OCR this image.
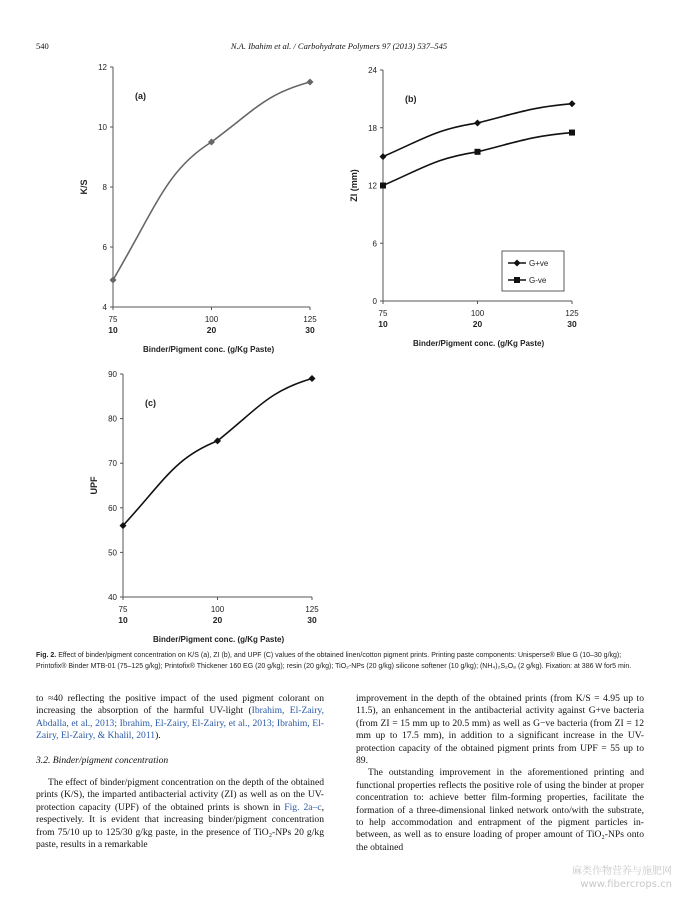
540	N.A. Ibahim et al. / Carbohydrate Polymers 97 (2013) 537–545
4
6
8
10
12
75
10
100
20
125
30
Binder/Pigment conc. (g/Kg Paste)
K/S
(a)
0
6
12
18
24
75
10
100
20
125
30
Binder/Pigment conc. (g/Kg Paste)
ZI (mm)
(b)
G+ve
G-ve
40
50
60
70
80
90
75
10
100
20
125
30
Binder/Pigment conc. (g/Kg Paste)
UPF
(c)
Fig. 2. Effect of binder/pigment concentration on K/S (a), ZI (b), and UPF (C) values of the obtained linen/cotton pigment prints. Printing paste components: Unisperse® Blue G (10–30 g/kg); Printofix® Binder MTB-01 (75–125 g/kg); Printofix® Thickener 160 EG (20 g/kg); resin (20 g/kg); TiO₂-NPs (20 g/kg) silicone softener (10 g/kg); (NH₄)₂S₂O₈ (2 g/kg). Fixation: at 386 W for5 min.

to ≈40 reflecting the positive impact of the used pigment colorant on increasing the absorption of the harmful UV-light (Ibrahim, El-Zairy, Abdalla, et al., 2013; Ibrahim, El-Zairy, El-Zairy, et al., 2013; Ibrahim, El-Zairy, El-Zairy, & Khalil, 2011).

3.2. Binder/pigment concentration

The effect of binder/pigment concentration on the depth of the obtained prints (K/S), the imparted antibacterial activity (ZI) as well as on the UV-protection capacity (UPF) of the obtained prints is shown in Fig. 2a–c, respectively. It is evident that increasing binder/pigment concentration from 75/10 up to 125/30 g/kg paste, in the presence of TiO₂-NPs 20 g/kg paste, results in a remarkable

improvement in the depth of the obtained prints (from K/S = 4.95 up to 11.5), an enhancement in the antibacterial activity against G+ve bacteria (from ZI = 15 mm up to 20.5 mm) as well as G−ve bacteria (from ZI = 12 mm up to 17.5 mm), in addition to a significant increase in the UV-protection capacity of the obtained pigment prints from UPF = 55 up to 89.

The outstanding improvement in the aforementioned printing and functional properties reflects the positive role of using the binder at proper concentration to: achieve better film-forming properties, facilitate the formation of a three-dimensional linked network onto/with the substrate, to help accommodation and entrapment of the pigment particles in-between, as well as to ensure loading of proper amount of TiO₂-NPs onto the obtained

麻类作物营养与施肥网
www.fibercrops.cn
